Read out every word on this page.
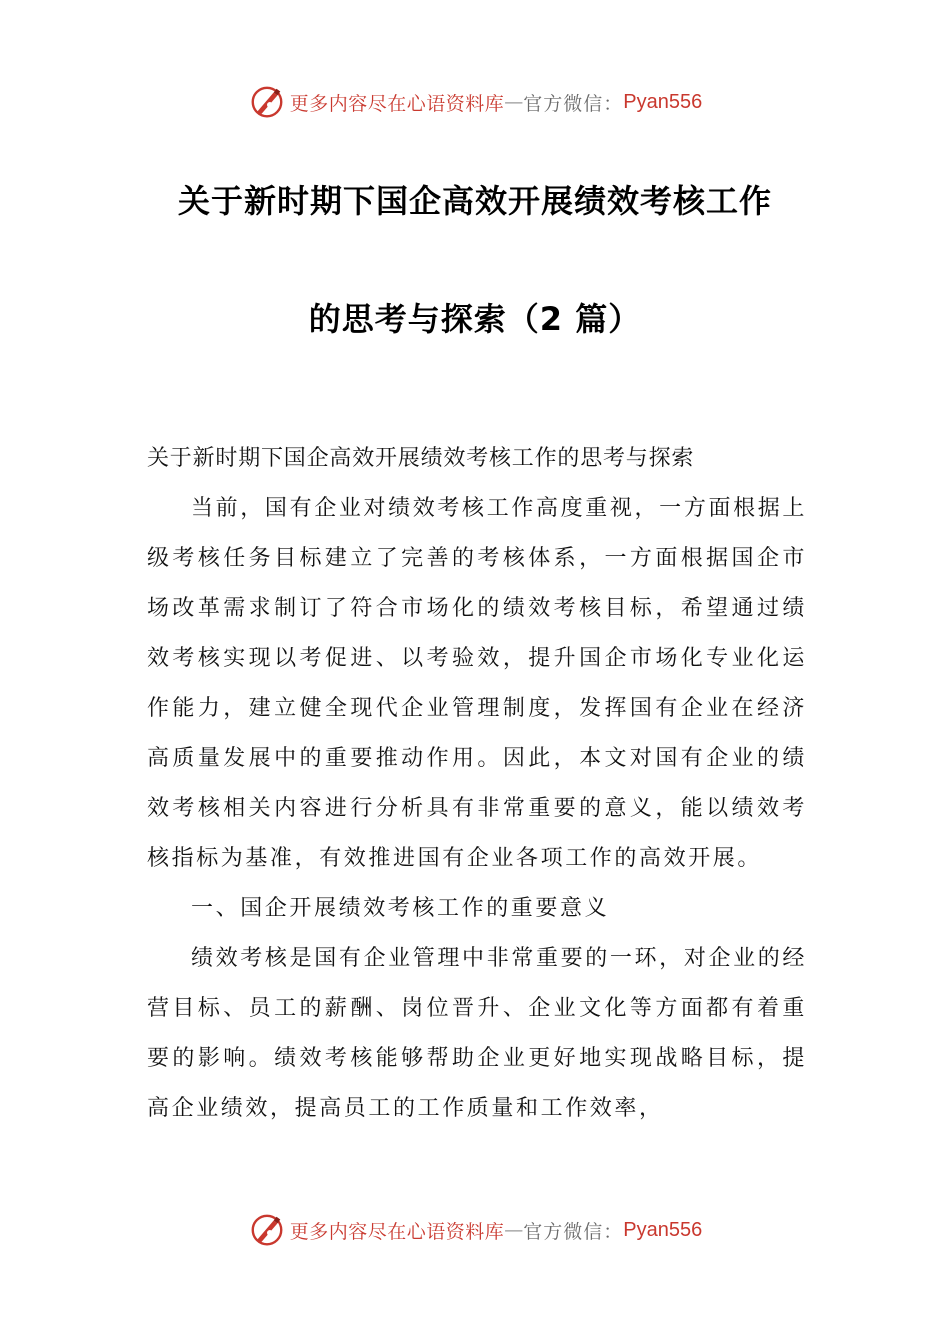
更多内容尽在心语资料库 — 官方微信： Pyan556
关于新时期下国企高效开展绩效考核工作
的思考与探索（2 篇）

关于新时期下国企高效开展绩效考核工作的思考与探索

当前，国有企业对绩效考核工作高度重视，一方面根据上级考核任务目标建立了完善的考核体系，一方面根据国企市场改革需求制订了符合市场化的绩效考核目标，希望通过绩效考核实现以考促进、以考验效，提升国企市场化专业化运作能力，建立健全现代企业管理制度，发挥国有企业在经济高质量发展中的重要推动作用。因此，本文对国有企业的绩效考核相关内容进行分析具有非常重要的意义，能以绩效考核指标为基准，有效推进国有企业各项工作的高效开展。

一、国企开展绩效考核工作的重要意义

绩效考核是国有企业管理中非常重要的一环，对企业的经营目标、员工的薪酬、岗位晋升、企业文化等方面都有着重要的影响。绩效考核能够帮助企业更好地实现战略目标，提高企业绩效，提高员工的工作质量和工作效率，

更多内容尽在心语资料库 — 官方微信： Pyan556
